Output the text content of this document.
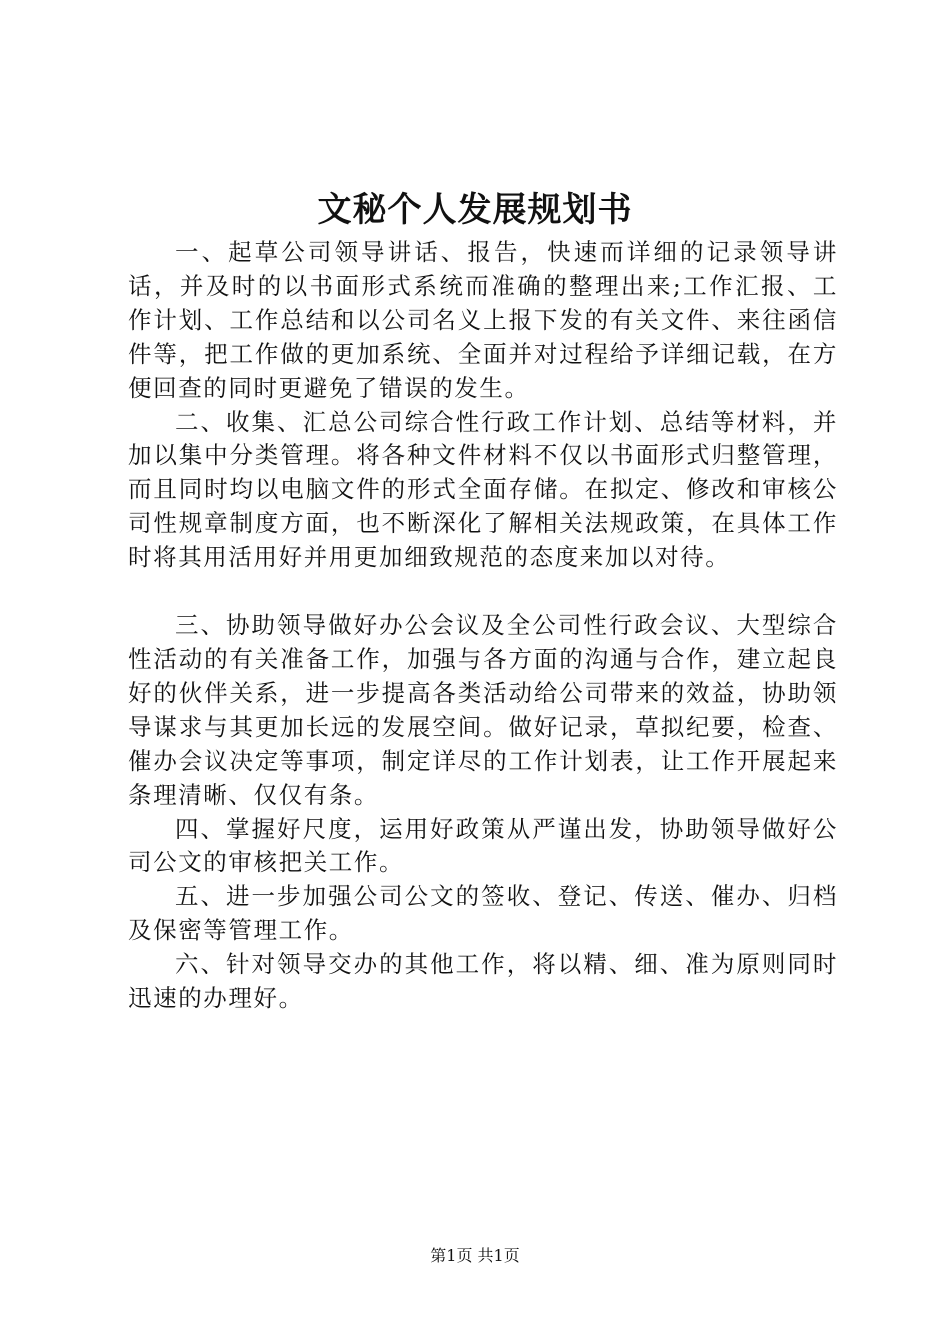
文秘个人发展规划书

一、起草公司领导讲话、报告，快速而详细的记录领导讲话，并及时的以书面形式系统而准确的整理出来;工作汇报、工作计划、工作总结和以公司名义上报下发的有关文件、来往函信件等，把工作做的更加系统、全面并对过程给予详细记载，在方便回查的同时更避免了错误的发生。

二、收集、汇总公司综合性行政工作计划、总结等材料，并加以集中分类管理。将各种文件材料不仅以书面形式归整管理，而且同时均以电脑文件的形式全面存储。在拟定、修改和审核公司性规章制度方面，也不断深化了解相关法规政策，在具体工作时将其用活用好并用更加细致规范的态度来加以对待。

三、协助领导做好办公会议及全公司性行政会议、大型综合性活动的有关准备工作，加强与各方面的沟通与合作，建立起良好的伙伴关系，进一步提高各类活动给公司带来的效益，协助领导谋求与其更加长远的发展空间。做好记录，草拟纪要，检查、催办会议决定等事项，制定详尽的工作计划表，让工作开展起来条理清晰、仅仅有条。

四、掌握好尺度，运用好政策从严谨出发，协助领导做好公司公文的审核把关工作。

五、进一步加强公司公文的签收、登记、传送、催办、归档及保密等管理工作。

六、针对领导交办的其他工作，将以精、细、准为原则同时迅速的办理好。

第1页 共1页
